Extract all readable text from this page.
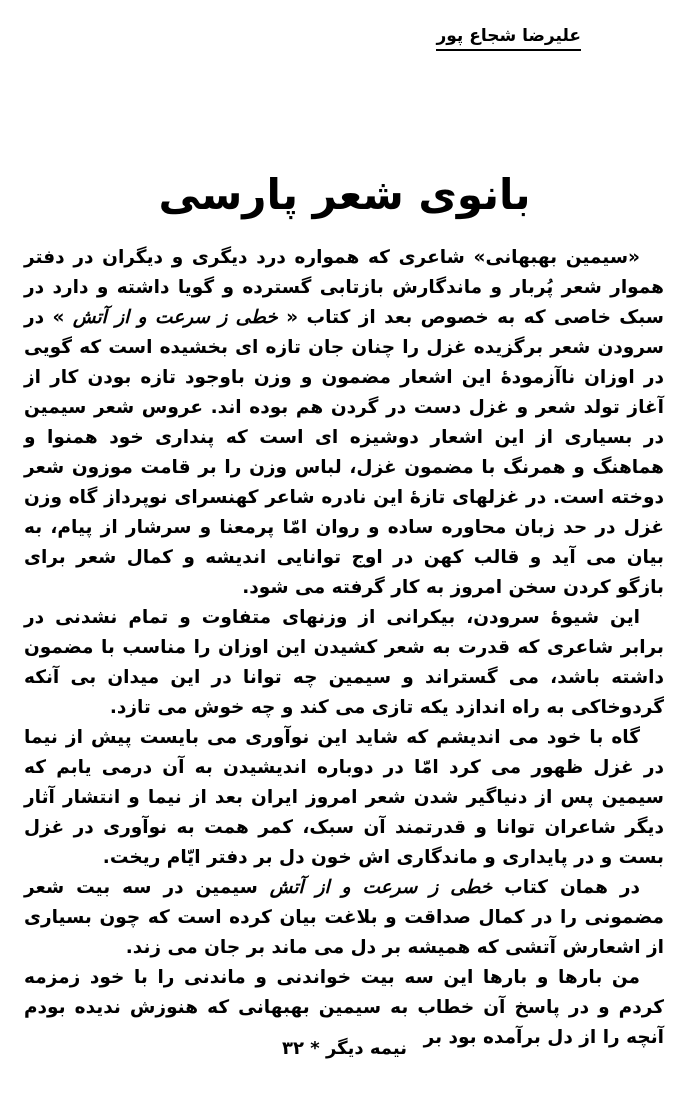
علیرضا شجاع پور
بانوی شعر پارسی

«سیمین بهبهانی» شاعری که همواره درد دیگری و دیگران در دفتر هموار شعر پُربار و ماندگارش بازتابی گسترده و گویا داشته و دارد در سبک خاصی که به خصوص بعد از کتاب « خطی ز سرعت و از آتش » در سرودن شعر برگزیده غزل را چنان جان تازه ای بخشیده است که گویی در اوزان ناآزمودهٔ این اشعار مضمون و وزن باوجود تازه بودن کار از آغاز تولد شعر و غزل دست در گردن هم بوده اند. عروس شعر سیمین در بسیاری از این اشعار دوشیزه ای است که پنداری خود همنوا و هماهنگ و همرنگ با مضمون غزل، لباس وزن را بر قامت موزون شعر دوخته است. در غزلهای تازهٔ این نادره شاعر کهنسرای نوپرداز گاه وزن غزل در حد زبان محاوره ساده و روان امّا پرمعنا و سرشار از پیام، به بیان می آید و قالب کهن در اوج توانایی اندیشه و کمال شعر برای بازگو کردن سخن امروز به کار گرفته می شود.

این شیوهٔ سرودن، بیکرانی از وزنهای متفاوت و تمام نشدنی در برابر شاعری که قدرت به شعر کشیدن این اوزان را مناسب با مضمون داشته باشد، می گستراند و سیمین چه توانا در این میدان بی آنکه گردوخاکی به راه اندازد یکه تازی می کند و چه خوش می تازد.

گاه با خود می اندیشم که شاید این نوآوری می بایست پیش از نیما در غزل ظهور می کرد امّا در دوباره اندیشیدن به آن درمی یابم که سیمین پس از دنیاگیر شدن شعر امروز ایران بعد از نیما و انتشار آثار دیگر شاعران توانا و قدرتمند آن سبک، کمر همت به نوآوری در غزل بست و در پایداری و ماندگاری اش خون دل بر دفتر ایّام ریخت.

در همان کتاب خطی ز سرعت و از آتش سیمین در سه بیت شعر مضمونی را در کمال صداقت و بلاغت بیان کرده است که چون بسیاری از اشعارش آتشی که همیشه بر دل می ماند بر جان می زند.

من بارها و بارها این سه بیت خواندنی و ماندنی را با خود زمزمه کردم و در پاسخ آن خطاب به سیمین بهبهانی که هنوزش ندیده بودم آنچه را از دل برآمده بود بر

نیمه دیگر * ۳۲
